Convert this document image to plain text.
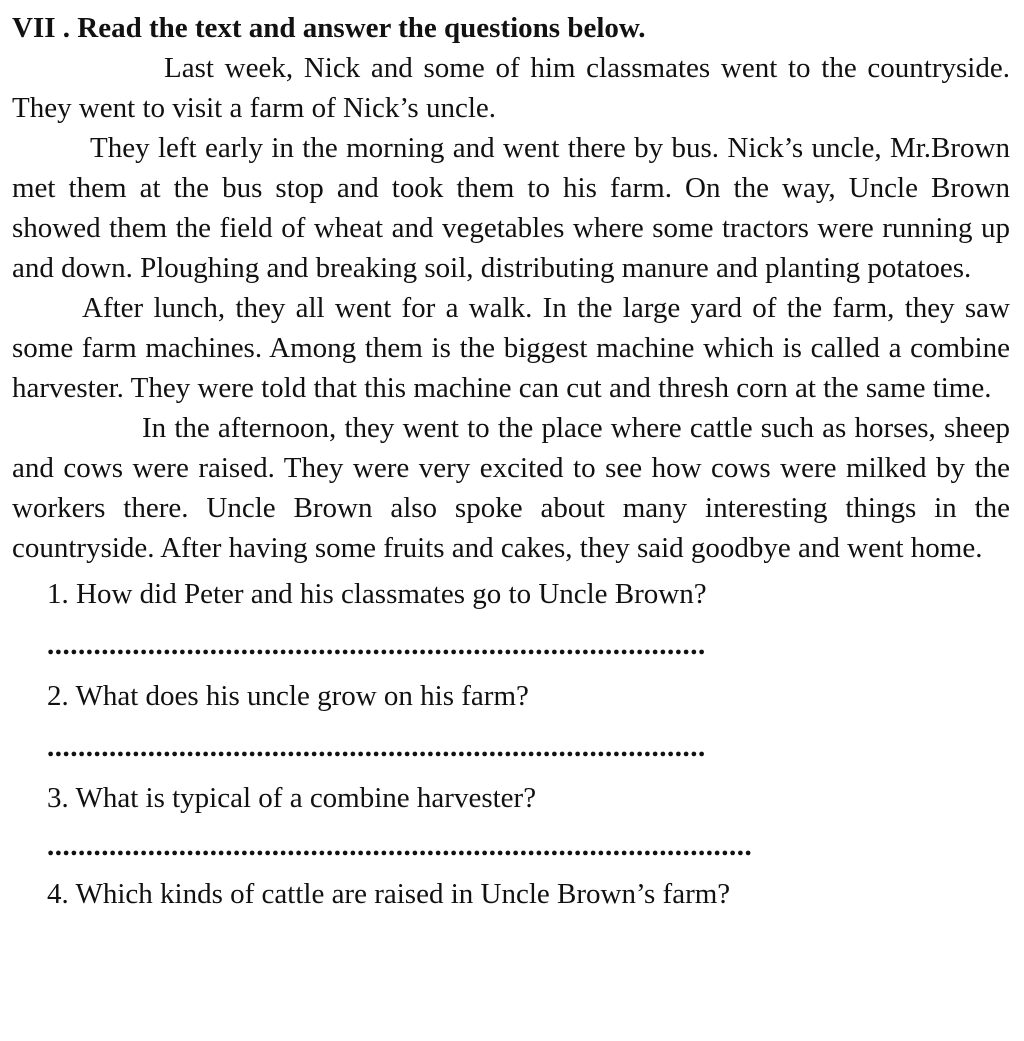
VII . Read the text and answer the questions below.

Last week, Nick and some of him classmates went to the countryside. They went to visit a farm of Nick’s uncle.

They left early in the morning and went there by bus. Nick’s uncle, Mr.Brown met them at the bus stop and took them to his farm. On the way, Uncle Brown showed them the field of wheat and vegetables where some tractors were running up and down. Ploughing and breaking soil, distributing manure and planting potatoes.

After lunch, they all went for a walk. In the large yard of the farm, they saw some farm machines. Among them is the biggest machine which is called a combine harvester. They were told that this machine can cut and thresh corn at the same time.

In the afternoon, they went to the place where cattle such as horses, sheep and cows were raised. They were very excited to see how cows were milked by the workers there. Uncle Brown also spoke about many interesting things in the countryside. After having some fruits and cakes, they said goodbye and went home.

1. How did Peter and his classmates go to Uncle Brown?

.....................................................................................

2. What does his uncle grow on his farm?

.....................................................................................

3. What is typical of a combine harvester?

...........................................................................................

4. Which kinds of cattle are raised in Uncle Brown’s farm?
